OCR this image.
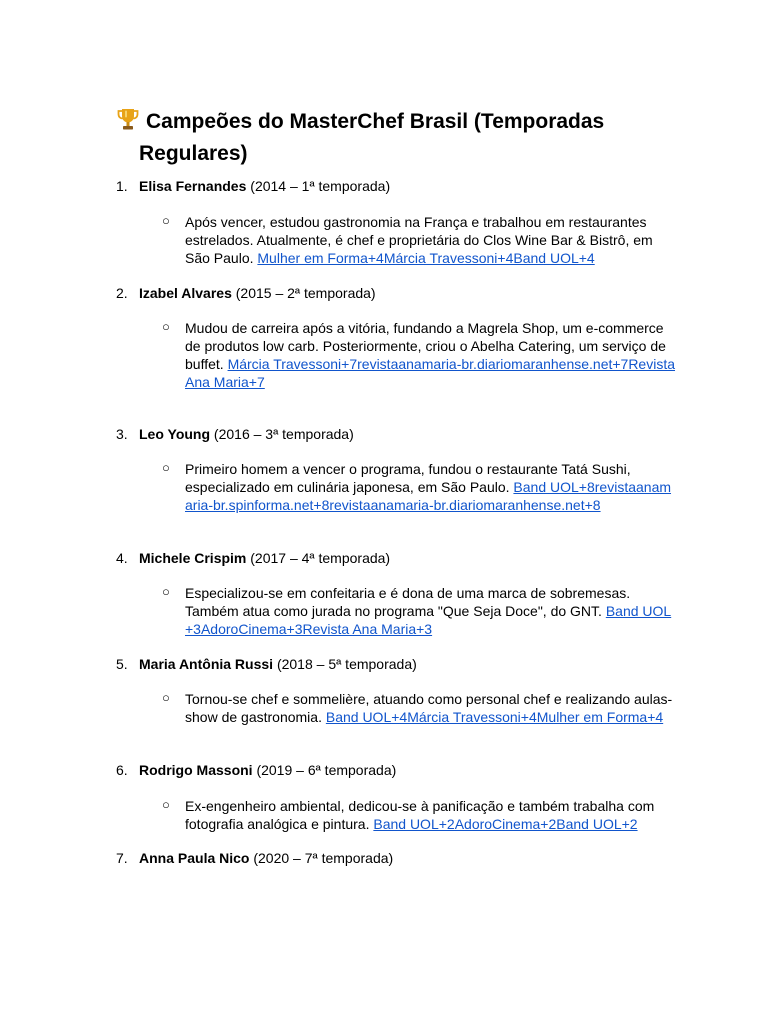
Campeões do MasterChef Brasil (Temporadas
Regulares)
1. Elisa Fernandes (2014 – 1ª temporada)
○ Após vencer, estudou gastronomia na França e trabalhou em restaurantes estrelados. Atualmente, é chef e proprietária do Clos Wine Bar & Bistrô, em São Paulo. Mulher em Forma+4Márcia Travessoni+4Band UOL+4
2. Izabel Alvares (2015 – 2ª temporada)
○ Mudou de carreira após a vitória, fundando a Magrela Shop, um e-commerce de produtos low carb. Posteriormente, criou o Abelha Catering, um serviço de buffet. Márcia Travessoni+7revistaanamaria-br.diariomaranhense.net+7Revista Ana Maria+7
3. Leo Young (2016 – 3ª temporada)
○ Primeiro homem a vencer o programa, fundou o restaurante Tatá Sushi, especializado em culinária japonesa, em São Paulo. Band UOL+8revistaanamaria-br.spinforma.net+8revistaanamaria-br.diariomaranhense.net+8
4. Michele Crispim (2017 – 4ª temporada)
○ Especializou-se em confeitaria e é dona de uma marca de sobremesas. Também atua como jurada no programa "Que Seja Doce", do GNT. Band UOL+3AdoroCinema+3Revista Ana Maria+3
5. Maria Antônia Russi (2018 – 5ª temporada)
○ Tornou-se chef e sommelière, atuando como personal chef e realizando aulas-show de gastronomia. Band UOL+4Márcia Travessoni+4Mulher em Forma+4
6. Rodrigo Massoni (2019 – 6ª temporada)
○ Ex-engenheiro ambiental, dedicou-se à panificação e também trabalha com fotografia analógica e pintura. Band UOL+2AdoroCinema+2Band UOL+2
7. Anna Paula Nico (2020 – 7ª temporada)
